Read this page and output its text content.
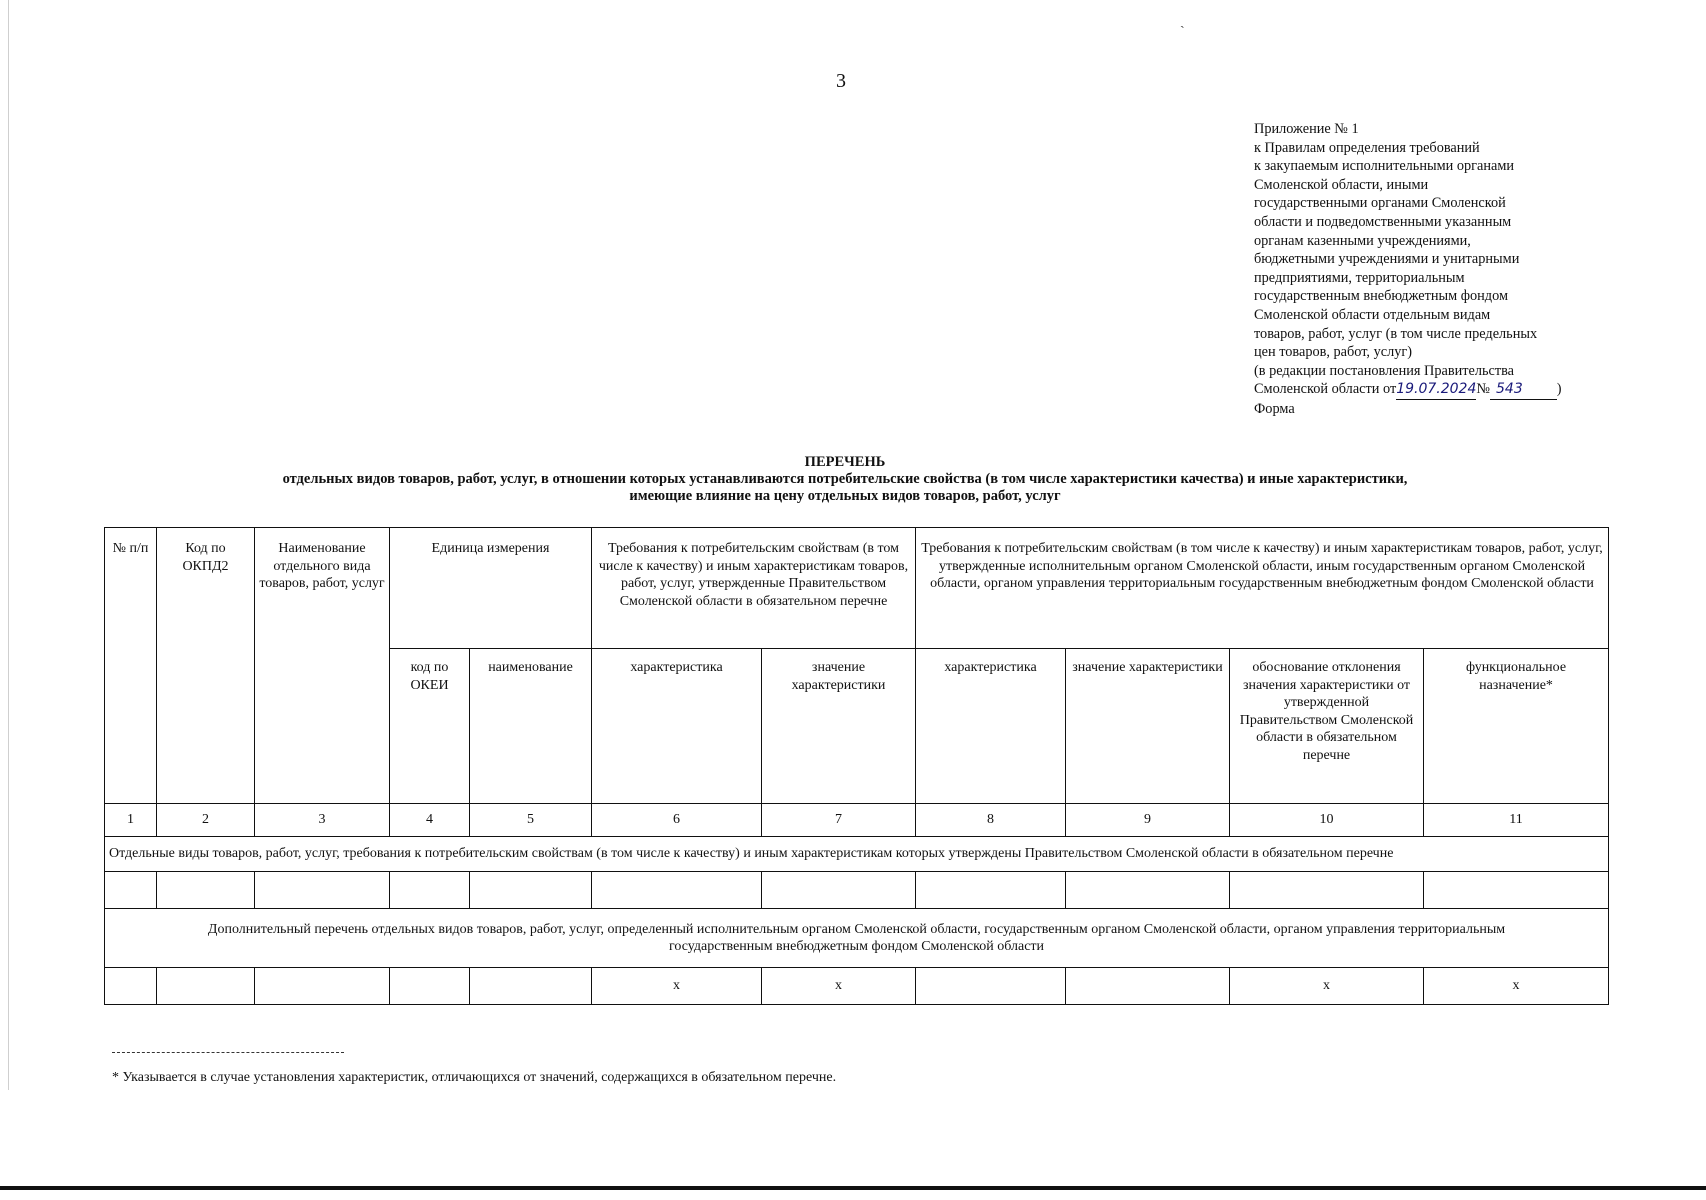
ˏ
3
Приложение № 1
к Правилам определения требований
к закупаемым исполнительными органами
Смоленской области, иными
государственными органами Смоленской
области и подведомственными указанным
органам казенными учреждениями,
бюджетными учреждениями и унитарными
предприятиями, территориальным
государственным внебюджетным фондом
Смоленской области отдельным видам
товаров, работ, услуг (в том числе предельных
цен товаров, работ, услуг)
(в редакции постановления Правительства
Смоленской области от19.07.2024№ 543 )
Форма
ПЕРЕЧЕНЬ
отдельных видов товаров, работ, услуг, в отношении которых устанавливаются потребительские свойства (в том числе характеристики качества) и иные характеристики,
имеющие влияние на цену отдельных видов товаров, работ, услуг
№ п/п	Код по ОКПД2	Наименование отдельного вида товаров, работ, услуг	Единица измерения		Требования к потребительским свойствам (в том числе к качеству) и иным характеристикам товаров, работ, услуг, утвержденные Правительством Смоленской области в обязательном перечне		Требования к потребительским свойствам (в том числе к качеству) и иным характеристикам товаров, работ, услуг, утвержденные исполнительным органом Смоленской области, иным государственным органом Смоленской области, органом управления территориальным государственным внебюджетным фондом Смоленской области			
			код по ОКЕИ	наименование	характеристика	значение характеристики	характеристика	значение характеристики	обоснование отклонения значения характеристики от утвержденной Правительством Смоленской области в обязательном перечне	функциональное назначение*
1	2	3	4	5	6	7	8	9	10	11
Отдельные виды товаров, работ, услуг, требования к потребительским свойствам (в том числе к качеству) и иным характеристикам которых утверждены Правительством Смоленской области в обязательном перечне										

Дополнительный перечень отдельных видов товаров, работ, услуг, определенный исполнительным органом Смоленской области, государственным органом Смоленской области, органом управления территориальным государственным внебюджетным фондом Смоленской области										
					х	х			х	х
* Указывается в случае установления характеристик, отличающихся от значений, содержащихся в обязательном перечне.
